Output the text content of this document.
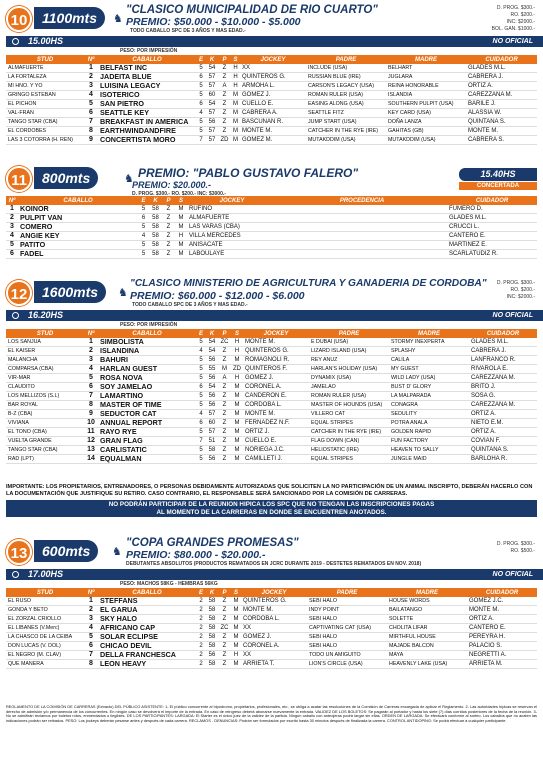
10	1100mts	♞
"CLASICO MUNICIPALIDAD DE RIO CUARTO"
PREMIO: $50.000 - $10.000 - $5.000
TODO CABALLO SPC DE 3 AÑOS Y MAS EDAD.-
D. PROG. $300.-
RO. $200.-
INC: $2000.-
BOL. GAN. $1000.-
15.00HS	NO OFICIAL
PESO: POR IMPRESIÓN
STUD	Nº	CABALLO	E	K	P	S	JOCKEY	PADRE	MADRE	CUIDADOR
ALMAFUERTE	1	BELFAST INC	5	54	Z	H	XX	INCLUDE (USA)	BELHART	GLADES M.L.
LA FORTALEZA	2	JADEITA BLUE	6	57	Z	H	QUINTEROS G.	RUSSIAN BLUE (IRE)	JUGLARA	CABRERA J.
MI HNO. Y YO	3	LUISINA LEGACY	5	57	A	H	ARMOHA L.	CARSON'S LEGACY (USA)	REINA HONORABLE	ORTIZ A.
GRINGO ESTEBAN	4	ISOTERICO	5	60	Z	M	GOMEZ J.	ROMAN RULER (USA)	ISLANDIA	CAREZZANA M.
EL PICHON	5	SAN PIETRO	6	54	Z	M	CUELLO E.	EASING ALONG (USA)	SOUTHERN PULPIT (USA)	BARILE J.
VAL-FRAN	6	SEATTLE KEY	4	57	Z	M	CABRERA A.	SEATTLE FITZ	KEY CARD (USA)	ALASSIA W.
TANGO STAR (CBA)	7	BREAKFAST IN AMERICA	5	56	Z	M	BASCUÑAN R.	JUMP START (USA)	DOÑA LANZA	QUINTANA S.
EL CORDOBES	8	EARTHWINDANDFIRE	5	57	Z	M	MONTE M.	CATCHER IN THE RYE (IRE)	GAHITAS (GB)	MONTE M.
LAS 3 COTORRA (H. REN)	9	CONCERTISTA MORO	7	57	ZD	M	GOMEZ M.	MUTAKDDIM (USA)	MUTAKDDIM (USA)	CABRERA S.
11	800mts	♞ PREMIO: "PABLO GUSTAVO FALERO"
PREMIO: $20.000.-
D. PROG. $300.- RO. $200.- INC: $3000.-
15.40HS
CONCERTADA
Nº	CABALLO	E	K	P	S	JOCKEY	PROCEDENCIA	CUIDADOR
1	KOINOR	5	58	Z	M	RUFINO		FUMERO D.
2	PULPIT VAN	6	58	Z	M	ALMAFUERTE		GLADES M.L.
3	COMERO	5	58	Z	M	LAS VARAS (CBA)		CRUCCI L.
4	ANGIE KEY	4	58	Z	H	VILLA MERCEDES		CANTERO E.
5	PATITO	5	58	Z	M	ANISACATE		MARTINEZ E.
6	FADEL	5	58	Z	M	LABOULAYE		SCARLATUDIZ R.
12	1600mts	♞
"CLASICO MINISTERIO DE AGRICULTURA Y GANADERIA DE CORDOBA"
PREMIO: $60.000 - $12.000 - $6.000
TODO CABALLO SPC DE 3 AÑOS Y MAS EDAD.-
D. PROG. $300.-
RO. $200.-
INC: $2000.-
16.20HS	NO OFICIAL
PESO: POR IMPRESIÓN
STUD	Nº	CABALLO	E	K	P	S	JOCKEY	PADRE	MADRE	CUIDADOR
LOS SANJUA	1	SIMBOLISTA	5	54	ZC	H	MONTE M.	E DUBAI (USA)	STORMY INEXPERTA	GLADES M.L.
EL KAISER	2	ISLANDINA	4	54	Z	H	QUINTEROS G.	LIZARD ISLAND (USA)	SPLASHY	CABRERA J.
MALANCHA	3	BAHURI	5	56	Z	M	ROMAGNOLI R.	REY ANUZ	CALILA	LANFRANCO R.
COMPARSA (CBA)	4	HARLAN GUEST	5	55	M	ZD	QUINTEROS F.	HARLAN'S HOLIDAY (USA)	MY GUEST	RIVAROLA E.
VIR-MAR	5	ROSA NOVA	5	56	A	H	GOMEZ J.	DYNAMIX (USA)	WILD LADY (USA)	CAREZZANA M.
CLAUDITO	6	SOY JAMELAO	6	54	Z	M	CORONEL A.	JAMELAO	BUST D' GLORY	BRITO J.
LOS MELLIZOS (S.L)	7	LAMARTINO	5	56	Z	M	CANDERON E.	ROMAN RULER (USA)	LA MALPARADA	SOSA G.
BAR ROYAL	8	MASTER OF TIME	5	56	Z	M	CORDOBA L.	MASTER OF HOUNDS (USA)	CONAGRA	CAREZZANA M.
B-Z (CBA)	9	SEDUCTOR CAT	4	57	Z	M	MONTE M.	VILLERO CAT	SEDULITY	ORTIZ A.
VIVIANA	10	ANNUAL REPORT	6	60	Z	M	FERNADEZ N.F.	EQUAL STRIPES	POTRA ANALA	NIETO E.M.
EL TONO (CBA)	11	RAYO RYE	5	57	Z	M	ORTIZ J.	CATCHER IN THE RYE (IRE)	GOLDEN RAPID	ORTIZ A.
VUELTA GRANDE	12	GRAN FLAG	7	51	Z	M	CUELLO E.	FLAG DOWN (CAN)	FUN FACTORY	COVIAN F.
TANGO STAR (CBA)	13	CARLISTATIC	5	58	Z	M	NORIEGA J.C.	HELIOSTATIC (IRE)	HEAVEN TO SALLY	QUINTANA S.
RAD (LPT)	14	EQUALMAN	5	56	Z	M	CAMILLETI J.	EQUAL STRIPES	JUNGLE MAID	BARLOHA R.
IMPORTANTE: LOS PROPIETARIOS, ENTRENADORES, O PERSONAS DEBIDAMENTE AUTORIZADAS QUE SOLICITEN LA NO PARTICIPACIÓN DE UN ANIMAL INSCRIPTO, DEBERÁN HACERLO CON LA DOCUMENTACIÓN QUE JUSTIFIQUE SU RETIRO. CASO CONTRARIO, EL RESPONSABLE SERÁ SANCIONADO POR LA COMISIÓN DE CARRERAS.
NO PODRÁN PARTICIPAR DE LA REUNION HIPICA LOS SPC QUE NO TENGAN LAS INSCRIPCIONES PAGAS
AL MOMENTO DE LA CARRERAS EN DONDE SE ENCUENTREN ANOTADOS.
13	600mts	♞
"COPA GRANDES PROMESAS"
PREMIO: $80.000 - $20.000.-
DEBUTANTES ABSOLUTOS (PRODUCTOS REMATADOS EN JCRC DURANTE 2019 - DESTETES REMATADOS EN NOV. 2018)
D. PROG. $300.-
RO. $500.-
17.00HS	NO OFICIAL
PESO: MACHOS 58KG - HEMBRAS 56KG
STUD	Nº	CABALLO	E	K	P	S	JOCKEY	PADRE	MADRE	CUIDADOR
EL RUSO	1	STEFFANS	2	58	Z	M	QUINTEROS G.	SEBI HALO	HOUSE WORDS	GOMEZ J.C.
GONDA Y BETO	2	EL GARUA	2	58	Z	M	MONTE M.	INDY POINT	BAILATANGO	MONTE M.
EL ZORZAL CRIOLLO	3	SKY HALO	2	58	Z	M	CORDOBA L.	SEBI HALO	SOLETTE	ORTIZ A.
EL LIBANES (V.Merc)	4	AFRICANO CAP	2	58	ZC	M	XX	CAPTIVATING CAT (USA)	CHOLITA LIFAR	CANTERO E.
LA CHASCO DE LA CEIBA	5	SOLAR ECLIPSE	2	58	Z	M	GOMEZ J.	SEBI HALO	MIRTHFUL HOUSE	PEREYRA H.
DON LUCAS (V. DOL)	6	CHICAO DEVIL	2	58	Z	M	CORONEL A.	SEBI HALO	MAJADE BALCON	PALACIO S.
EL NEGRO (M. CLAV)	7	DELLA FRANCHESCA	2	56	Z	H	XX	TODO UN AMIGUITO	MAYA	NEGRETTI A.
QUE MANERA	8	LEON HEAVY	2	58	Z	M	ARRIETA T.	LION'S CIRCLE (USA)	HEAVENLY LAKE (USA)	ARRIETA M.
REGLAMENTO DE LA COMISIÓN DE CARRERAS (Extracto) DEL PÚBLICO ASISTENTE: 1- El público concurrente al hipódromo, propietarios, profesionales, etc., se obliga a acatar las resoluciones de la Comisión de Carreras encargada de aplicar el Reglamento. 2- Las autoridades hípicas se reservan el derecho de admisión y/o permanencia de los concurrentes. En ningún caso se devolverá el importe de la entrada. En caso de reingreso deberá abonarse nuevamente la entrada. VALIDEZ DE LOS BOLETOS: Se pagarán al portador y hasta los siete (7) días corridos posteriores de la fecha de la reunión. 3- No se admitirán reclamos por boletos rotos, enmendados o ilegibles. DE LOS PARTICIPANTES: LARGADA: El Starter es el único juez de la validez de la partida. Ningún caballo con anteojeras podrá largar sin ellas. ORDEN DE LARGADA: Se efectuará conforme al sorteo. Los caballos que no acaten las indicaciones podrán ser retirados. PESO: Los jockeys deberán pesarse antes y después de cada carrera. RECLAMOS - DENUNCIAS: Podrán ser formulados por escrito hasta 30 minutos después de finalizada la carrera. CONTROL ANTIDOPING: Se podrá efectuar a cualquier participante.
